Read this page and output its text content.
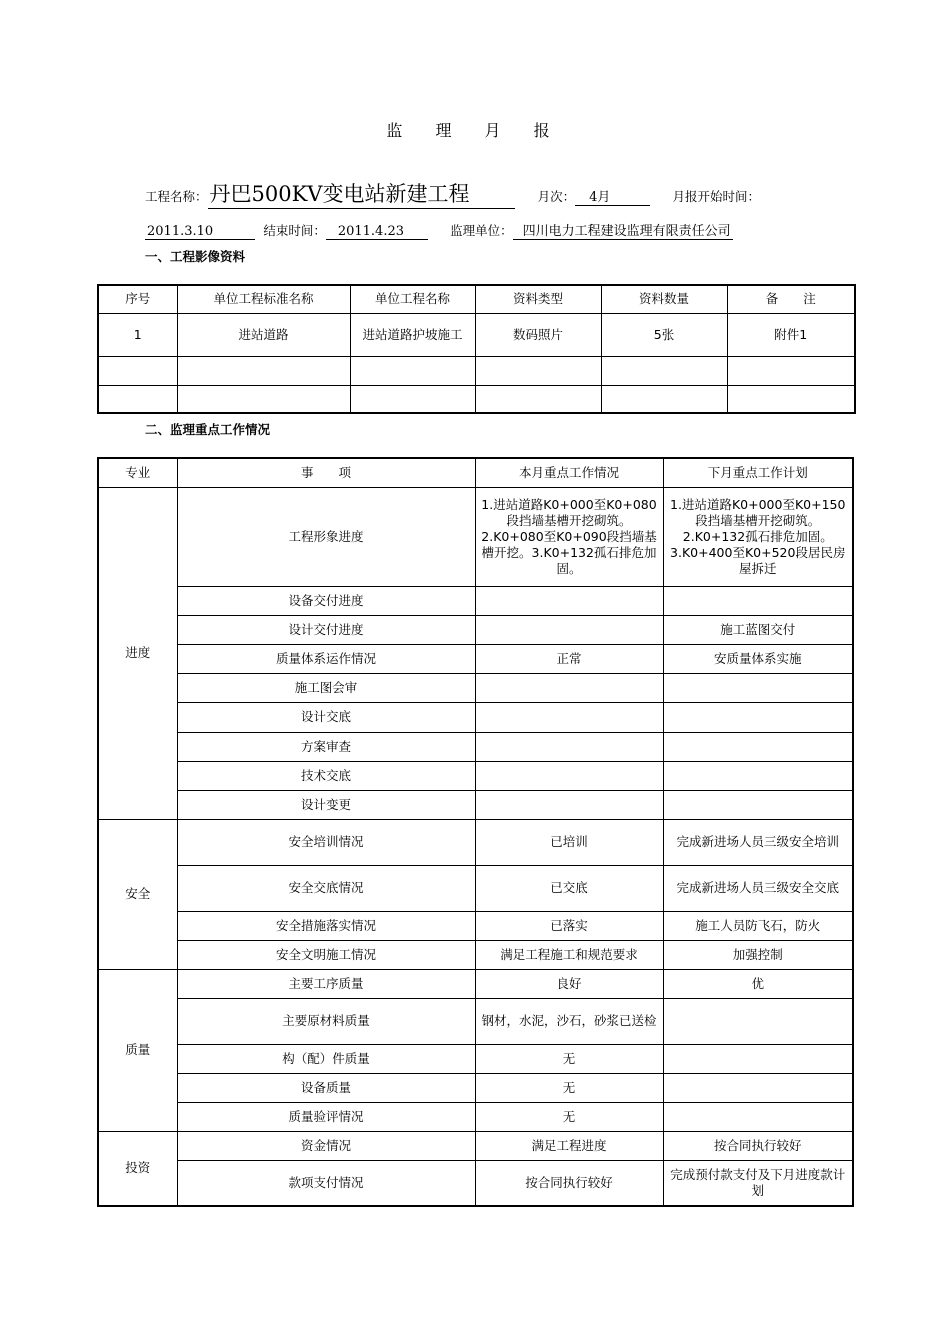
监 理 月 报
工程名称：丹巴500KV变电站新建工程	月次： 4月	月报开始时间：
2011.3.10	结束时间： 2011.4.23	监理单位： 四川电力工程建设监理有限责任公司
一、工程影像资料
序号	单位工程标准名称	单位工程名称	资料类型	资料数量	备　　注
1	进站道路	进站道路护坡施工	数码照片	5张	附件1

二、监理重点工作情况
专业	事　　项	本月重点工作情况	下月重点工作计划
进度	工程形象进度	1.进站道路K0+000至K0+080段挡墙基槽开挖砌筑。2.K0+080至K0+090段挡墙基槽开挖。3.K0+132孤石排危加固。	1.进站道路K0+000至K0+150段挡墙基槽开挖砌筑。2.K0+132孤石排危加固。3.K0+400至K0+520段居民房屋拆迁
	设备交付进度		
	设计交付进度		施工蓝图交付
	质量体系运作情况	正常	安质量体系实施
	施工图会审		
	设计交底		
	方案审查		
	技术交底		
	设计变更		
安全	安全培训情况	已培训	完成新进场人员三级安全培训
	安全交底情况	已交底	完成新进场人员三级安全交底
	安全措施落实情况	已落实	施工人员防飞石，防火
	安全文明施工情况	满足工程施工和规范要求	加强控制
质量	主要工序质量	良好	优
	主要原材料质量	钢材，水泥，沙石，砂浆已送检	
	构（配）件质量	无	
	设备质量	无	
	质量验评情况	无	
投资	资金情况	满足工程进度	按合同执行较好
	款项支付情况	按合同执行较好	完成预付款支付及下月进度款计划
